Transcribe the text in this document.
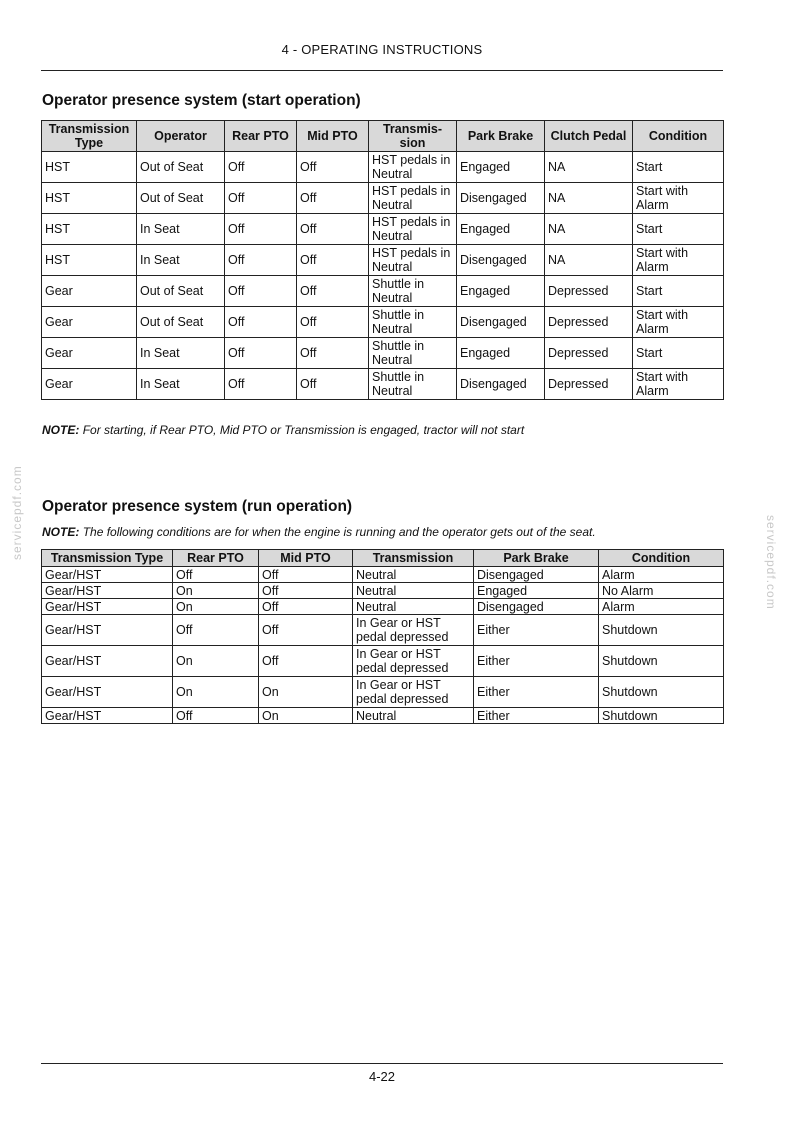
4 - OPERATING INSTRUCTIONS
Operator presence system (start operation)
Transmission Type	Operator	Rear PTO	Mid PTO	Transmis-sion	Park Brake	Clutch Pedal	Condition
HST	Out of Seat	Off	Off	HST pedals in Neutral	Engaged	NA	Start
HST	Out of Seat	Off	Off	HST pedals in Neutral	Disengaged	NA	Start with Alarm
HST	In Seat	Off	Off	HST pedals in Neutral	Engaged	NA	Start
HST	In Seat	Off	Off	HST pedals in Neutral	Disengaged	NA	Start with Alarm
Gear	Out of Seat	Off	Off	Shuttle in Neutral	Engaged	Depressed	Start
Gear	Out of Seat	Off	Off	Shuttle in Neutral	Disengaged	Depressed	Start with Alarm
Gear	In Seat	Off	Off	Shuttle in Neutral	Engaged	Depressed	Start
Gear	In Seat	Off	Off	Shuttle in Neutral	Disengaged	Depressed	Start with Alarm
NOTE: For starting, if Rear PTO, Mid PTO or Transmission is engaged, tractor will not start
Operator presence system (run operation)
NOTE: The following conditions are for when the engine is running and the operator gets out of the seat.
Transmission Type	Rear PTO	Mid PTO	Transmission	Park Brake	Condition
Gear/HST	Off	Off	Neutral	Disengaged	Alarm
Gear/HST	On	Off	Neutral	Engaged	No Alarm
Gear/HST	On	Off	Neutral	Disengaged	Alarm
Gear/HST	Off	Off	In Gear or HST pedal depressed	Either	Shutdown
Gear/HST	On	Off	In Gear or HST pedal depressed	Either	Shutdown
Gear/HST	On	On	In Gear or HST pedal depressed	Either	Shutdown
Gear/HST	Off	On	Neutral	Either	Shutdown
servicepdf.com
servicepdf.com
4-22
